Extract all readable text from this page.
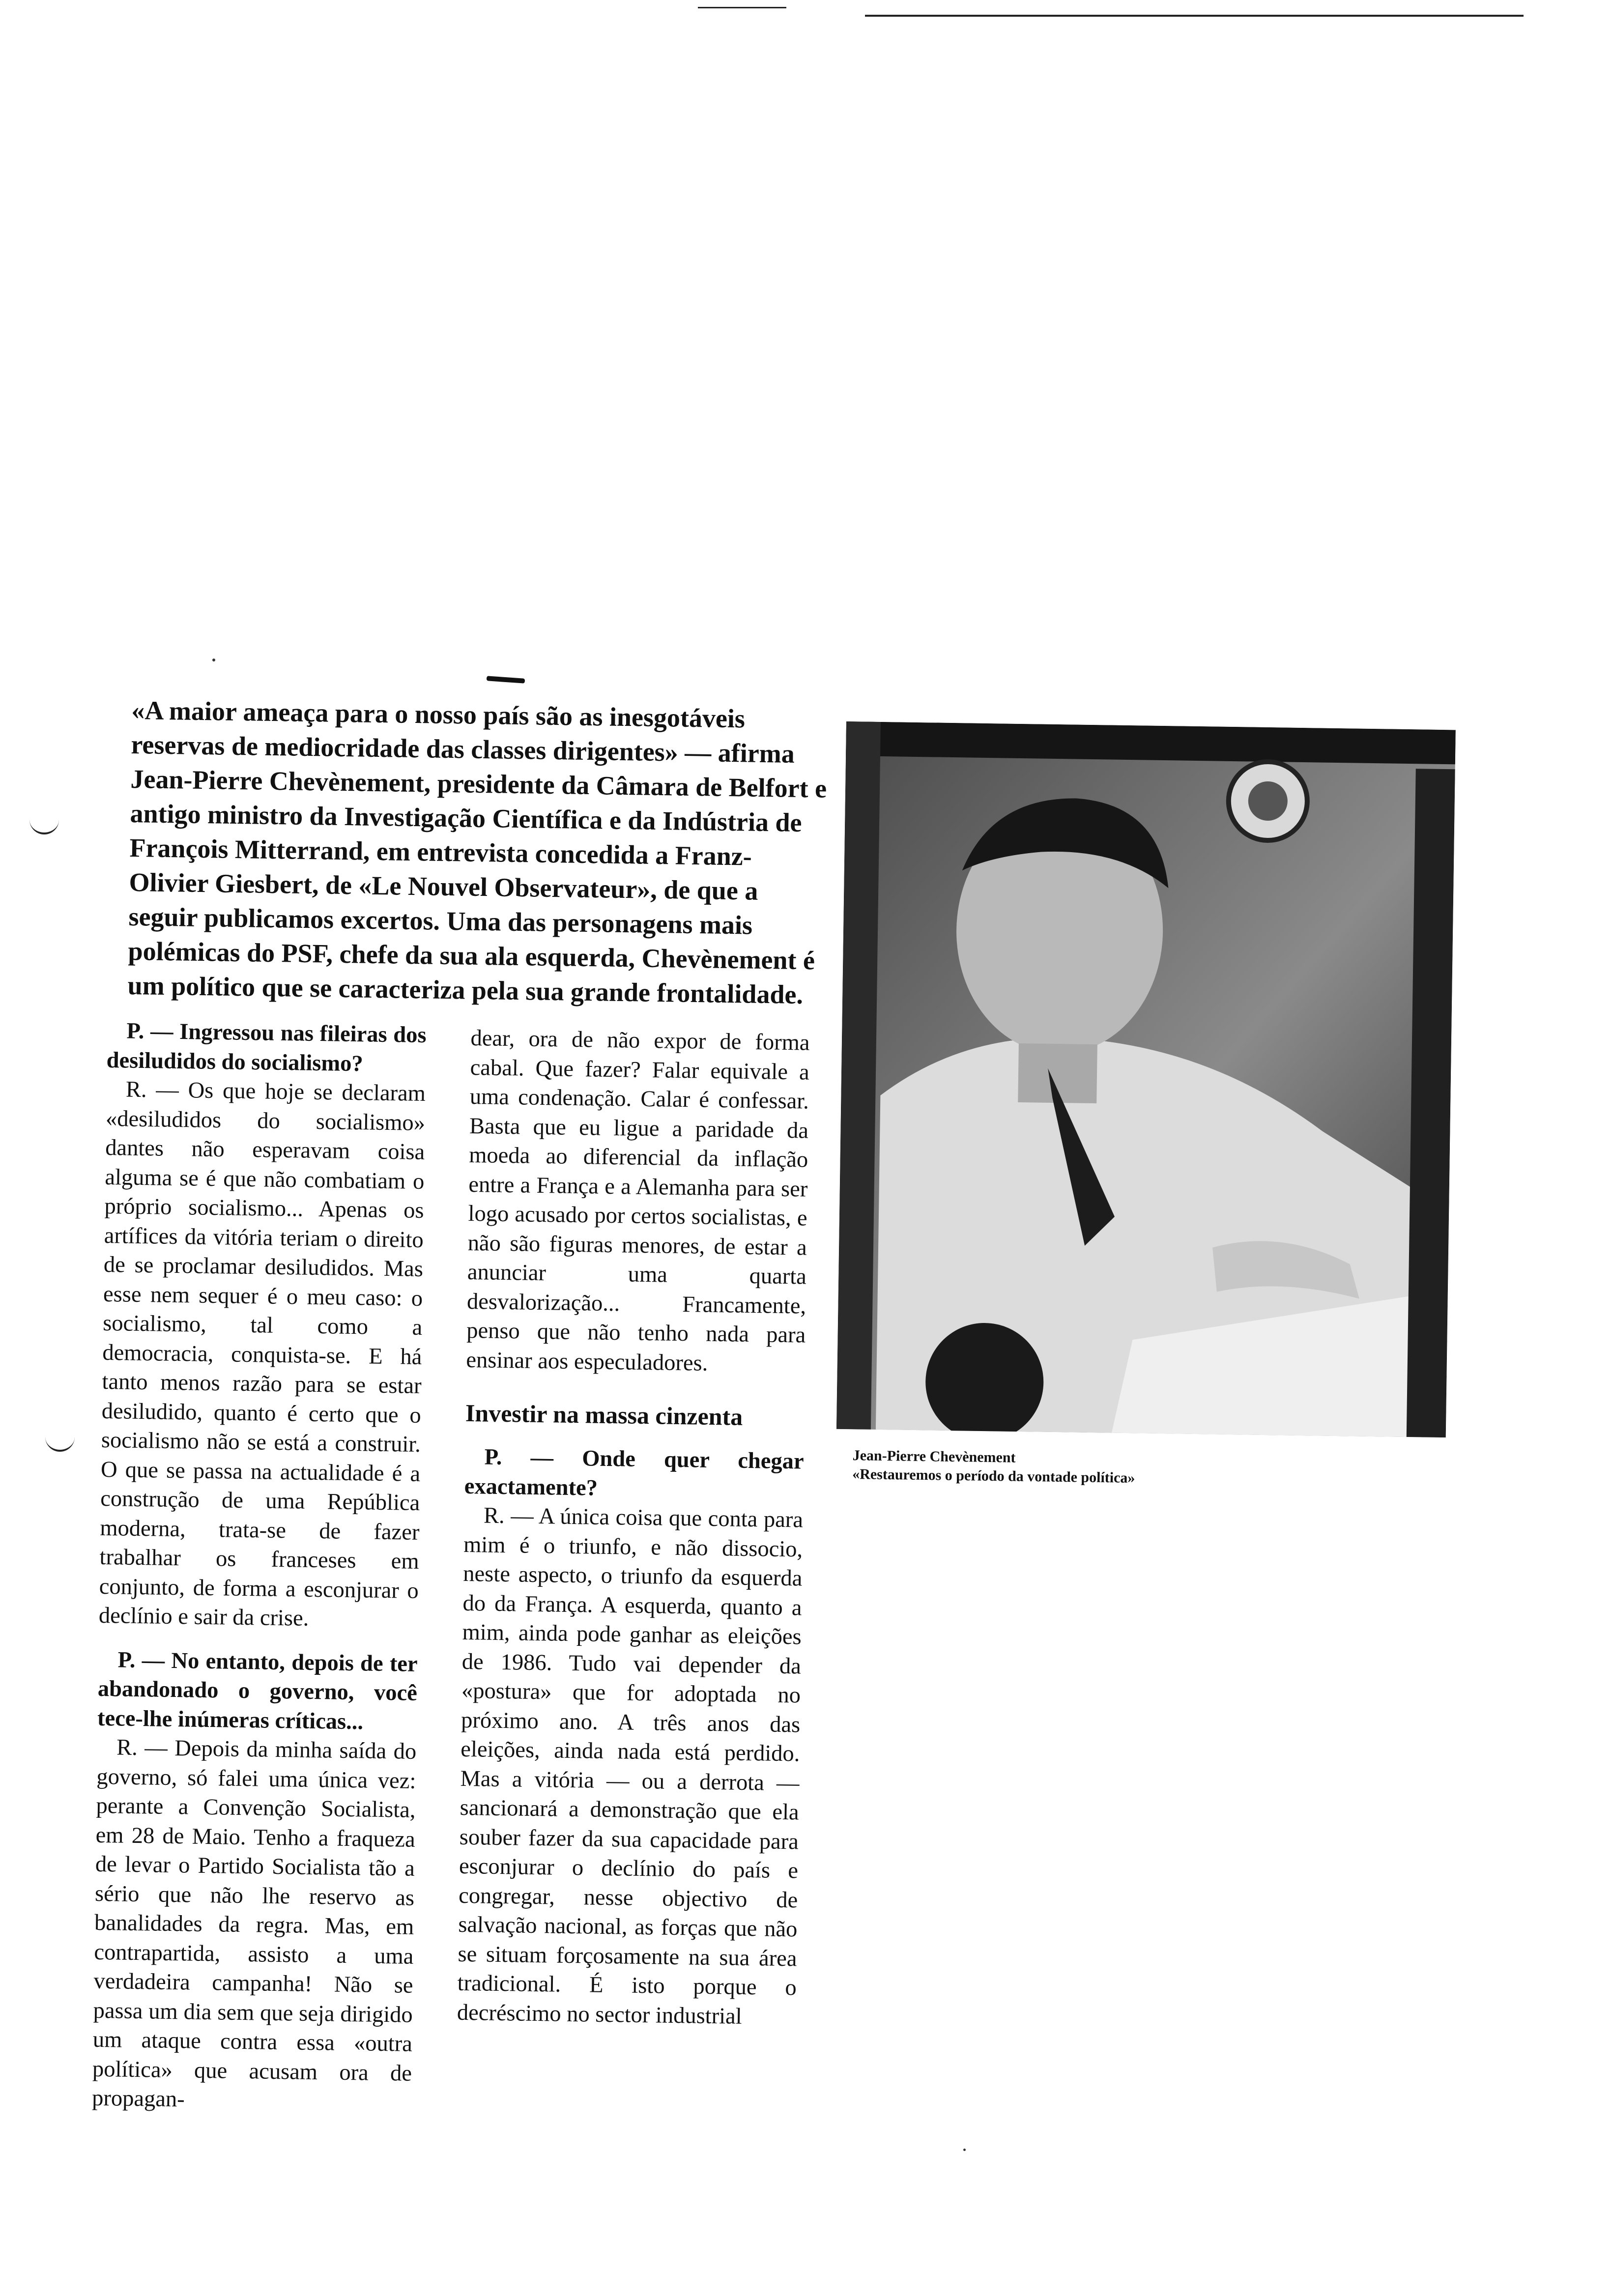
«A maior ameaça para o nosso país são as inesgotáveis reservas de mediocridade das classes dirigentes» — afirma Jean-Pierre Chevènement, presidente da Câmara de Belfort e antigo ministro da Investigação Científica e da Indústria de François Mitterrand, em entrevista concedida a Franz-Olivier Giesbert, de «Le Nouvel Observateur», de que a seguir publicamos excertos. Uma das personagens mais polémicas do PSF, chefe da sua ala esquerda, Chevènement é um político que se caracteriza pela sua grande frontalidade.

P. — Ingressou nas fileiras dos desiludidos do socialismo?

R. — Os que hoje se declaram «desiludidos do socialismo» dantes não esperavam coisa alguma se é que não combatiam o próprio socialismo... Apenas os artífices da vitória teriam o direito de se proclamar desiludidos. Mas esse nem sequer é o meu caso: o socialismo, tal como a democracia, conquista-se. E há tanto menos razão para se estar desiludido, quanto é certo que o socialismo não se está a construir. O que se passa na actualidade é a construção de uma República moderna, trata-se de fazer trabalhar os franceses em conjunto, de forma a esconjurar o declínio e sair da crise.

P. — No entanto, depois de ter abandonado o governo, você tece-lhe inúmeras críticas...

R. — Depois da minha saída do governo, só falei uma única vez: perante a Convenção Socialista, em 28 de Maio. Tenho a fraqueza de levar o Partido Socialista tão a sério que não lhe reservo as banalidades da regra. Mas, em contrapartida, assisto a uma verdadeira campanha! Não se passa um dia sem que seja dirigido um ataque contra essa «outra política» que acusam ora de propagan-

dear, ora de não expor de forma cabal. Que fazer? Falar equivale a uma condenação. Calar é confessar. Basta que eu ligue a paridade da moeda ao diferencial da inflação entre a França e a Alemanha para ser logo acusado por certos socialistas, e não são figuras menores, de estar a anunciar uma quarta desvalorização... Francamente, penso que não tenho nada para ensinar aos especuladores.

Investir na massa cinzenta

P. — Onde quer chegar exactamente?

R. — A única coisa que conta para mim é o triunfo, e não dissocio, neste aspecto, o triunfo da esquerda do da França. A esquerda, quanto a mim, ainda pode ganhar as eleições de 1986. Tudo vai depender da «postura» que for adoptada no próximo ano. A três anos das eleições, ainda nada está perdido. Mas a vitória — ou a derrota — sancionará a demonstração que ela souber fazer da sua capacidade para esconjurar o declínio do país e congregar, nesse objectivo de salvação nacional, as forças que não se situam forçosamente na sua área tradicional. É isto porque o decréscimo no sector industrial

Jean-Pierre Chevènement
«Restauremos o período da vontade política»
